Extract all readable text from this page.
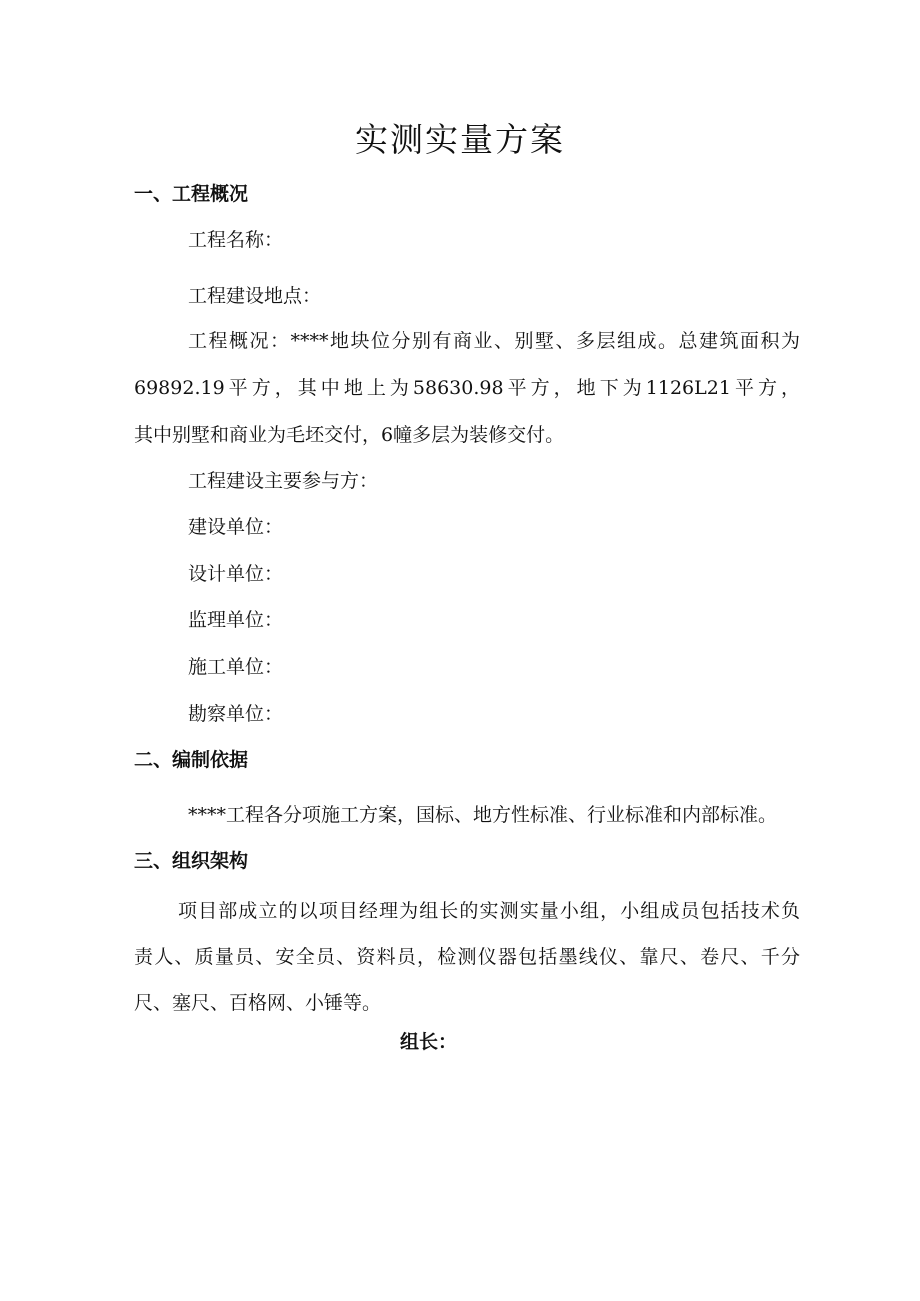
实测实量方案
一、工程概况

工程名称：

工程建设地点：

工程概况：****地块位分别有商业、别墅、多层组成。总建筑面积为

69892.19平方，其中地上为58630.98平方，地下为1126L21平方，

其中别墅和商业为毛坯交付，6幢多层为装修交付。

工程建设主要参与方：

建设单位：

设计单位：

监理单位：

施工单位：

勘察单位：

二、编制依据

****工程各分项施工方案，国标、地方性标准、行业标准和内部标准。

三、组织架构

项目部成立的以项目经理为组长的实测实量小组，小组成员包括技术负

责人、质量员、安全员、资料员，检测仪器包括墨线仪、靠尺、卷尺、千分

尺、塞尺、百格网、小锤等。

组长：
